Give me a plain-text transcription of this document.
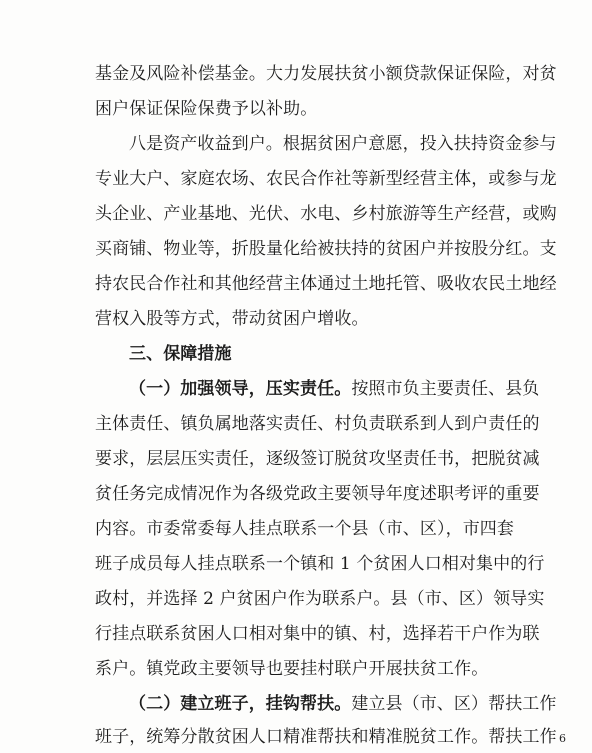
基金及风险补偿基金。大力发展扶贫小额贷款保证保险，对贫
困户保证保险保费予以补助。
八是资产收益到户。根据贫困户意愿，投入扶持资金参与
专业大户、家庭农场、农民合作社等新型经营主体，或参与龙
头企业、产业基地、光伏、水电、乡村旅游等生产经营，或购
买商铺、物业等，折股量化给被扶持的贫困户并按股分红。支
持农民合作社和其他经营主体通过土地托管、吸收农民土地经
营权入股等方式，带动贫困户增收。
三、保障措施
（一）加强领导，压实责任。按照市负主要责任、县负
主体责任、镇负属地落实责任、村负责联系到人到户责任的
要求，层层压实责任，逐级签订脱贫攻坚责任书，把脱贫减
贫任务完成情况作为各级党政主要领导年度述职考评的重要
内容。市委常委每人挂点联系一个县（市、区），市四套
班子成员每人挂点联系一个镇和 1 个贫困人口相对集中的行
政村，并选择 2 户贫困户作为联系户。县（市、区）领导实
行挂点联系贫困人口相对集中的镇、村，选择若干户作为联
系户。镇党政主要领导也要挂村联户开展扶贫工作。
（二）建立班子，挂钩帮扶。建立县（市、区）帮扶工作
班子，统筹分散贫困人口精准帮扶和精准脱贫工作。帮扶工作 6
